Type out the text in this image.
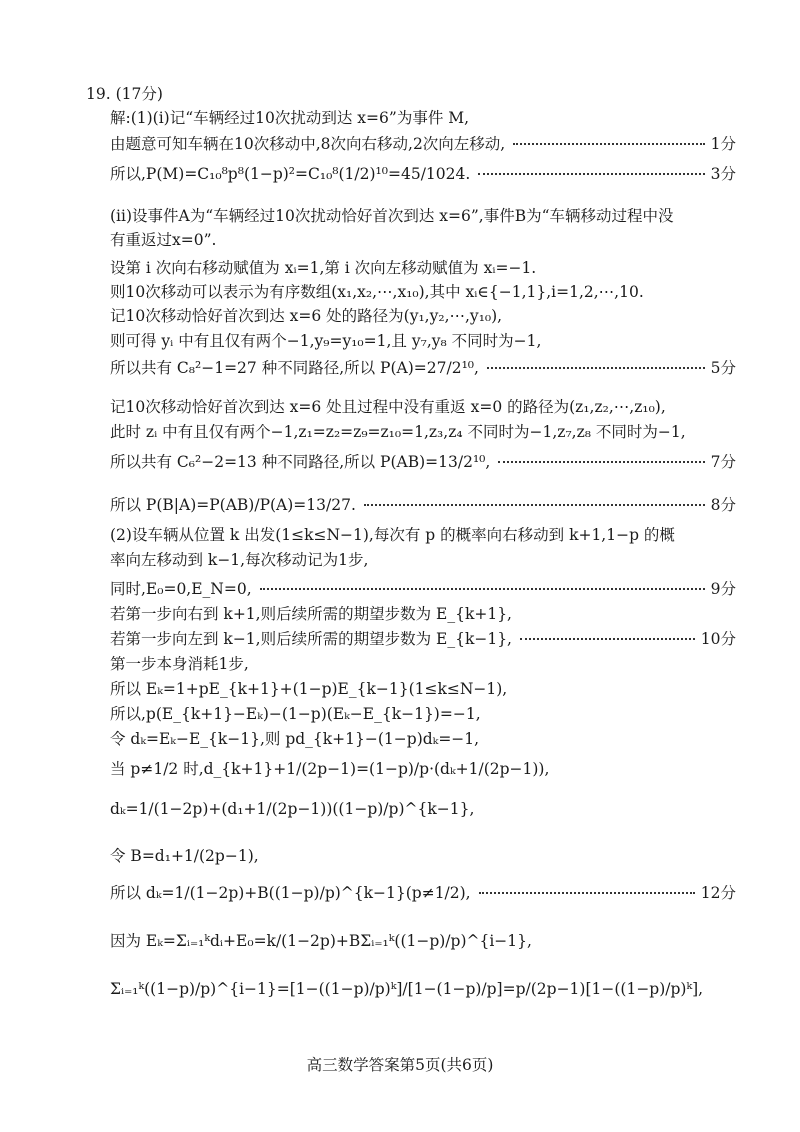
19. (17分)
解:(1)(ⅰ)记“车辆经过10次扰动到达 x=6”为事件 M,
由题意可知车辆在10次移动中,8次向右移动,2次向左移动,	1分
所以,P(M)=C₁₀⁸p⁸(1−p)²=C₁₀⁸(1/2)¹⁰=45/1024.	3分
(ⅱ)设事件A为“车辆经过10次扰动恰好首次到达 x=6”,事件B为“车辆移动过程中没
有重返过x=0”.
设第 i 次向右移动赋值为 xᵢ=1,第 i 次向左移动赋值为 xᵢ=−1.
则10次移动可以表示为有序数组(x₁,x₂,⋯,x₁₀),其中 xᵢ∈{−1,1},i=1,2,⋯,10.
记10次移动恰好首次到达 x=6 处的路径为(y₁,y₂,⋯,y₁₀),
则可得 yᵢ 中有且仅有两个−1,y₉=y₁₀=1,且 y₇,y₈ 不同时为−1,
所以共有 C₈²−1=27 种不同路径,所以 P(A)=27/2¹⁰,	5分
记10次移动恰好首次到达 x=6 处且过程中没有重返 x=0 的路径为(z₁,z₂,⋯,z₁₀),
此时 zᵢ 中有且仅有两个−1,z₁=z₂=z₉=z₁₀=1,z₃,z₄ 不同时为−1,z₇,z₈ 不同时为−1,
所以共有 C₆²−2=13 种不同路径,所以 P(AB)=13/2¹⁰,	7分
所以 P(B|A)=P(AB)/P(A)=13/27.	8分
(2)设车辆从位置 k 出发(1≤k≤N−1),每次有 p 的概率向右移动到 k+1,1−p 的概
率向左移动到 k−1,每次移动记为1步,
同时,E₀=0,E_N=0,	9分
若第一步向右到 k+1,则后续所需的期望步数为 E_{k+1},
若第一步向左到 k−1,则后续所需的期望步数为 E_{k−1},	10分
第一步本身消耗1步,
所以 Eₖ=1+pE_{k+1}+(1−p)E_{k−1}(1≤k≤N−1),
所以,p(E_{k+1}−Eₖ)−(1−p)(Eₖ−E_{k−1})=−1,
令 dₖ=Eₖ−E_{k−1},则 pd_{k+1}−(1−p)dₖ=−1,
当 p≠1/2 时,d_{k+1}+1/(2p−1)=(1−p)/p·(dₖ+1/(2p−1)),
dₖ=1/(1−2p)+(d₁+1/(2p−1))((1−p)/p)^{k−1},
令 B=d₁+1/(2p−1),
所以 dₖ=1/(1−2p)+B((1−p)/p)^{k−1}(p≠1/2),	12分
因为 Eₖ=Σᵢ₌₁ᵏdᵢ+E₀=k/(1−2p)+BΣᵢ₌₁ᵏ((1−p)/p)^{i−1},
Σᵢ₌₁ᵏ((1−p)/p)^{i−1}=[1−((1−p)/p)ᵏ]/[1−(1−p)/p]=p/(2p−1)[1−((1−p)/p)ᵏ],
高三数学答案第5页(共6页)
